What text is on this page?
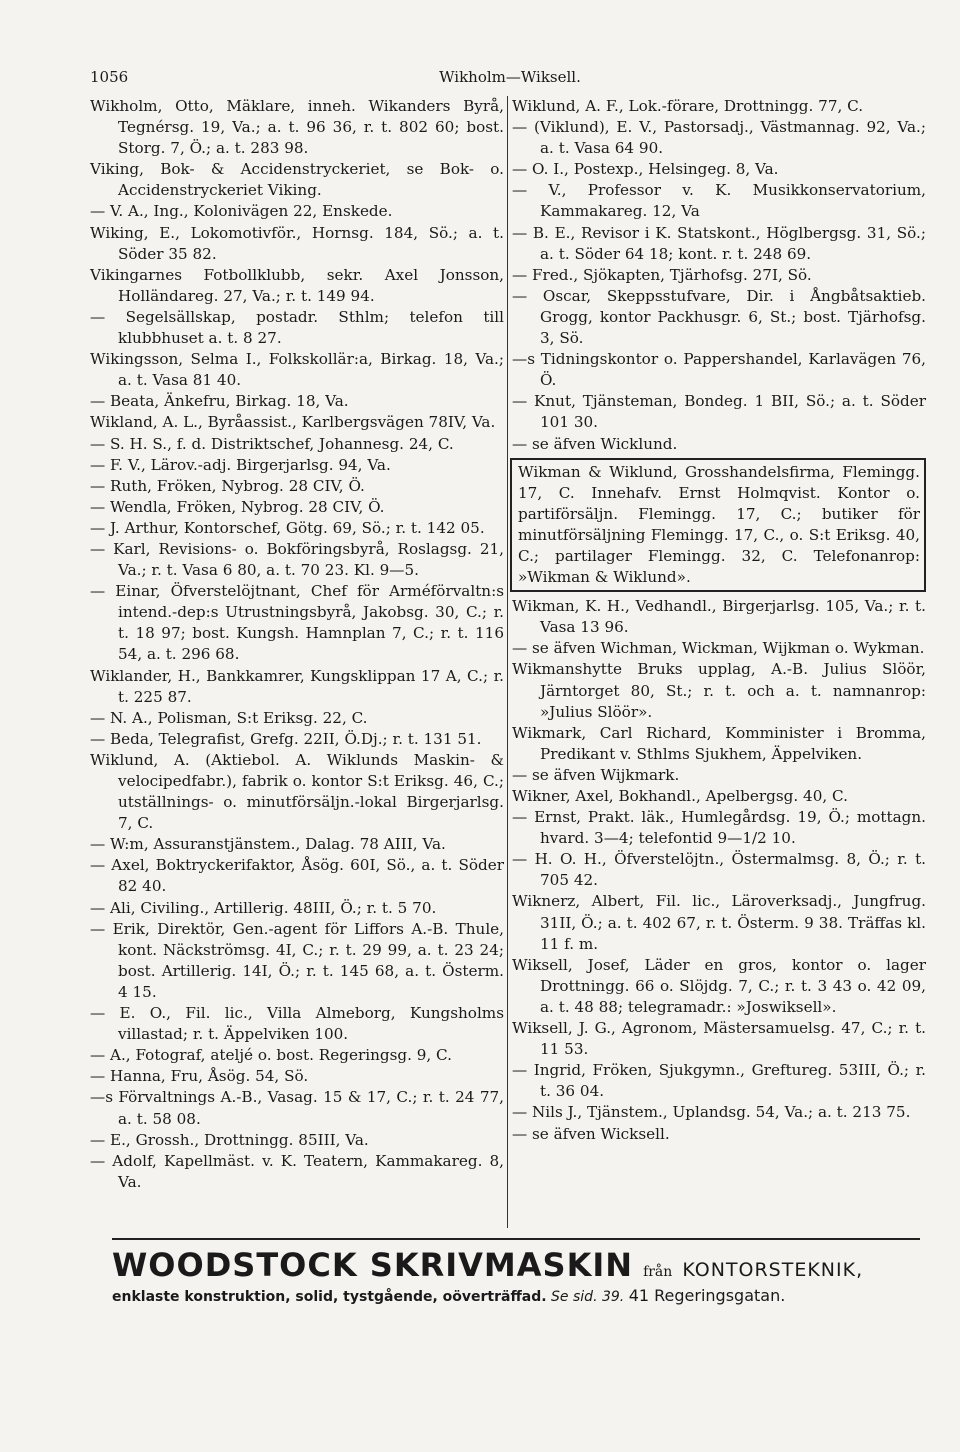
1056	Wikholm—Wiksell.

Wikholm, Otto, Mäklare, inneh. Wikanders Byrå, Tegnérsg. 19, Va.; a. t. 96 36, r. t. 802 60; bost. Storg. 7, Ö.; a. t. 283 98.

Viking, Bok- & Accidenstryckeriet, se Bok- o. Accidenstryckeriet Viking.

— V. A., Ing., Kolonivägen 22, Enskede.

Wiking, E., Lokomotivför., Hornsg. 184, Sö.; a. t. Söder 35 82.

Vikingarnes Fotbollklubb, sekr. Axel Jonsson, Holländareg. 27, Va.; r. t. 149 94.

— Segelsällskap, postadr. Sthlm; telefon till klubbhuset a. t. 8 27.

Wikingsson, Selma I., Folkskollär:a, Birkag. 18, Va.; a. t. Vasa 81 40.

— Beata, Änkefru, Birkag. 18, Va.

Wikland, A. L., Byråassist., Karlbergsvägen 78IV, Va.

— S. H. S., f. d. Distriktschef, Johannesg. 24, C.

— F. V., Lärov.-adj. Birgerjarlsg. 94, Va.

— Ruth, Fröken, Nybrog. 28 CIV, Ö.

— Wendla, Fröken, Nybrog. 28 CIV, Ö.

— J. Arthur, Kontorschef, Götg. 69, Sö.; r. t. 142 05.

— Karl, Revisions- o. Bokföringsbyrå, Roslagsg. 21, Va.; r. t. Vasa 6 80, a. t. 70 23. Kl. 9—5.

— Einar, Öfverstelöjtnant, Chef för Arméförvaltn:s intend.-dep:s Utrustningsbyrå, Jakobsg. 30, C.; r. t. 18 97; bost. Kungsh. Hamnplan 7, C.; r. t. 116 54, a. t. 296 68.

Wiklander, H., Bankkamrer, Kungsklippan 17 A, C.; r. t. 225 87.

— N. A., Polisman, S:t Eriksg. 22, C.

— Beda, Telegrafist, Grefg. 22II, Ö.Dj.; r. t. 131 51.

Wiklund, A. (Aktiebol. A. Wiklunds Maskin- & velocipedfabr.), fabrik o. kontor S:t Eriksg. 46, C.; utställnings- o. minutförsäljn.-lokal Birgerjarlsg. 7, C.

— W:m, Assuranstjänstem., Dalag. 78 AIII, Va.

— Axel, Boktryckerifaktor, Åsög. 60I, Sö., a. t. Söder 82 40.

— Ali, Civiling., Artillerig. 48III, Ö.; r. t. 5 70.

— Erik, Direktör, Gen.-agent för Liffors A.-B. Thule, kont. Näckströmsg. 4I, C.; r. t. 29 99, a. t. 23 24; bost. Artillerig. 14I, Ö.; r. t. 145 68, a. t. Österm. 4 15.

— E. O., Fil. lic., Villa Almeborg, Kungsholms villastad; r. t. Äppelviken 100.

— A., Fotograf, ateljé o. bost. Regeringsg. 9, C.

— Hanna, Fru, Åsög. 54, Sö.

—s Förvaltnings A.-B., Vasag. 15 & 17, C.; r. t. 24 77, a. t. 58 08.

— E., Grossh., Drottningg. 85III, Va.

— Adolf, Kapellmäst. v. K. Teatern, Kammakareg. 8, Va.

Wiklund, A. F., Lok.-förare, Drottningg. 77, C.

— (Viklund), E. V., Pastorsadj., Västmannag. 92, Va.; a. t. Vasa 64 90.

— O. I., Postexp., Helsingeg. 8, Va.

— V., Professor v. K. Musikkonservatorium, Kammakareg. 12, Va

— B. E., Revisor i K. Statskont., Höglbergsg. 31, Sö.; a. t. Söder 64 18; kont. r. t. 248 69.

— Fred., Sjökapten, Tjärhofsg. 27I, Sö.

— Oscar, Skeppsstufvare, Dir. i Ångbåtsaktieb. Grogg, kontor Packhusgr. 6, St.; bost. Tjärhofsg. 3, Sö.

—s Tidningskontor o. Pappershandel, Karlavägen 76, Ö.

— Knut, Tjänsteman, Bondeg. 1 BII, Sö.; a. t. Söder 101 30.

— se äfven Wicklund.

Wikman & Wiklund, Grosshandelsfirma, Flemingg. 17, C. Innehafv. Ernst Holmqvist. Kontor o. partiförsäljn. Flemingg. 17, C.; butiker för minutförsäljning Flemingg. 17, C., o. S:t Eriksg. 40, C.; partilager Flemingg. 32, C. Telefonanrop: »Wikman & Wiklund».

Wikman, K. H., Vedhandl., Birgerjarlsg. 105, Va.; r. t. Vasa 13 96.

— se äfven Wichman, Wickman, Wijkman o. Wykman.

Wikmanshytte Bruks upplag, A.-B. Julius Slöör, Järntorget 80, St.; r. t. och a. t. namnanrop: »Julius Slöör».

Wikmark, Carl Richard, Komminister i Bromma, Predikant v. Sthlms Sjukhem, Äppelviken.

— se äfven Wijkmark.

Wikner, Axel, Bokhandl., Apelbergsg. 40, C.

— Ernst, Prakt. läk., Humlegårdsg. 19, Ö.; mottagn. hvard. 3—4; telefontid 9—1/2 10.

— H. O. H., Öfverstelöjtn., Östermalmsg. 8, Ö.; r. t. 705 42.

Wiknerz, Albert, Fil. lic., Läroverksadj., Jungfrug. 31II, Ö.; a. t. 402 67, r. t. Österm. 9 38. Träffas kl. 11 f. m.

Wiksell, Josef, Läder en gros, kontor o. lager Drottningg. 66 o. Slöjdg. 7, C.; r. t. 3 43 o. 42 09, a. t. 48 88; telegramadr.: »Joswiksell».

Wiksell, J. G., Agronom, Mästersamuelsg. 47, C.; r. t. 11 53.

— Ingrid, Fröken, Sjukgymn., Greftureg. 53III, Ö.; r. t. 36 04.

— Nils J., Tjänstem., Uplandsg. 54, Va.; a. t. 213 75.

— se äfven Wicksell.

WOODSTOCK SKRIVMASKIN från KONTORSTEKNIK,
enklaste konstruktion, solid, tystgående, oöverträffad. Se sid. 39. 41 Regeringsgatan.
